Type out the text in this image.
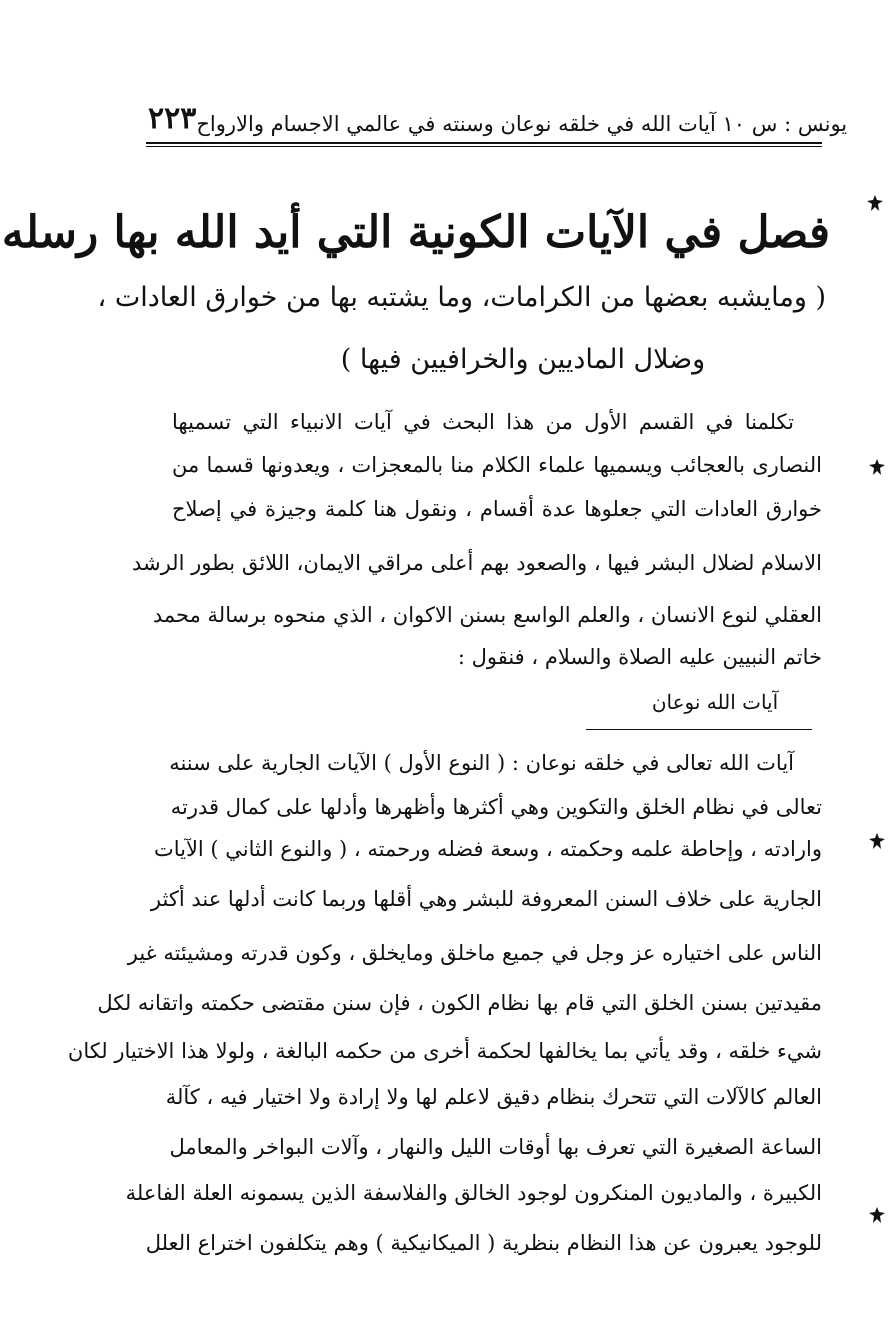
٢٢٣ يونس : س ١٠ آيات الله في خلقه نوعان وسنته في عالمي الاجسام والارواح
فصل في الآيات الكونية التي أيد الله بها رسله
( ومايشبه بعضها من الكرامات، وما يشتبه بها من خوارق العادات ،
وضلال الماديين والخرافيين فيها )
تكلمنا في القسم الأول من هذا البحث في آيات الانبياء التي تسميها
النصارى بالعجائب ويسميها علماء الكلام منا بالمعجزات ، ويعدونها قسما من
خوارق العادات التي جعلوها عدة أقسام ، ونقول هنا كلمة وجيزة في إصلاح
الاسلام لضلال البشر فيها ، والصعود بهم أعلى مراقي الايمان، اللائق بطور الرشد
العقلي لنوع الانسان ، والعلم الواسع بسنن الاكوان ، الذي منحوه برسالة محمد
خاتم النبيين عليه الصلاة والسلام ، فنقول :
آيات الله نوعان
آيات الله تعالى في خلقه نوعان : ( النوع الأول ) الآيات الجارية على سننه
تعالى في نظام الخلق والتكوين وهي أكثرها وأظهرها وأدلها على كمال قدرته
وارادته ، وإحاطة علمه وحكمته ، وسعة فضله ورحمته ، ( والنوع الثاني ) الآيات
الجارية على خلاف السنن المعروفة للبشر وهي أقلها وربما كانت أدلها عند أكثر
الناس على اختياره عز وجل في جميع ماخلق ومايخلق ، وكون قدرته ومشيئته غير
مقيدتين بسنن الخلق التي قام بها نظام الكون ، فإن سنن مقتضى حكمته واتقانه لكل
شيء خلقه ، وقد يأتي بما يخالفها لحكمة أخرى من حكمه البالغة ، ولولا هذا الاختيار لكان
العالم كالآلات التي تتحرك بنظام دقيق لاعلم لها ولا إرادة ولا اختيار فيه ، كآلة
الساعة الصغيرة التي تعرف بها أوقات الليل والنهار ، وآلات البواخر والمعامل
الكبيرة ، والماديون المنكرون لوجود الخالق والفلاسفة الذين يسمونه العلة الفاعلة
للوجود يعبرون عن هذا النظام بنظرية ( الميكانيكية ) وهم يتكلفون اختراع العلل
